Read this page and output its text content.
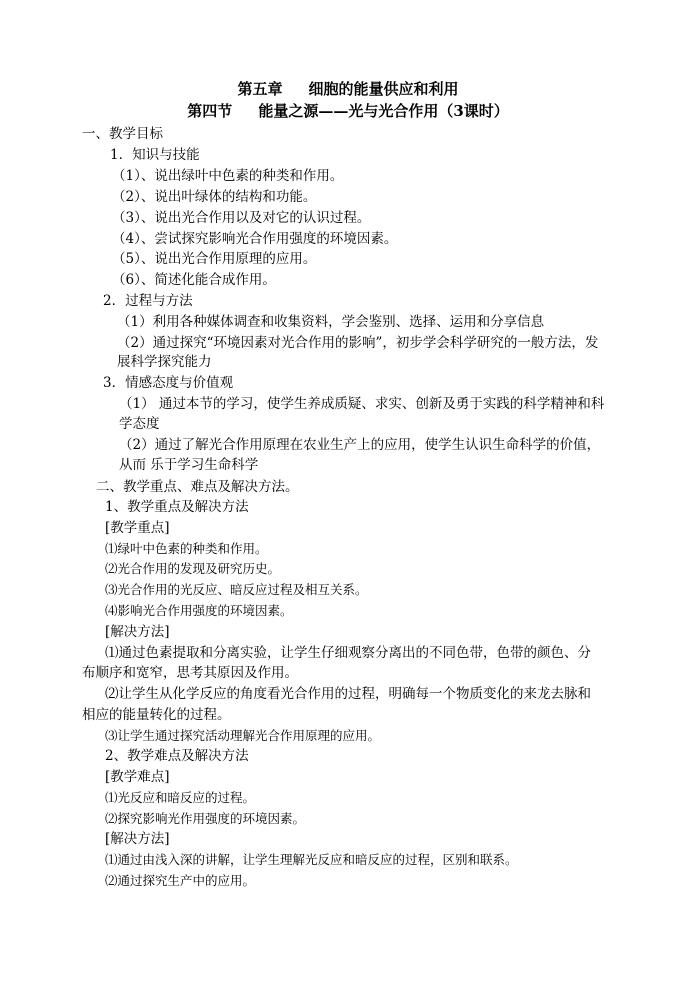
第五章     细胞的能量供应和利用
第四节     能量之源——光与光合作用（3课时）
一、教学目标
1．知识与技能
（1）、说出绿叶中色素的种类和作用。
（2）、说出叶绿体的结构和功能。
（3）、说出光合作用以及对它的认识过程。
（4）、尝试探究影响光合作用强度的环境因素。
（5）、说出光合作用原理的应用。
（6）、简述化能合成作用。
2．过程与方法
（1）利用各种媒体调查和收集资料，学会鉴别、选择、运用和分享信息
（2）通过探究“环境因素对光合作用的影响”，初步学会科学研究的一般方法，发
展科学探究能力
3．情感态度与价值观
（1） 通过本节的学习，使学生养成质疑、求实、创新及勇于实践的科学精神和科
学态度
（2）通过了解光合作用原理在农业生产上的应用，使学生认识生命科学的价值，
从而 乐于学习生命科学
二、教学重点、难点及解决方法。
1、教学重点及解决方法
[教学重点]
⑴绿叶中色素的种类和作用。
⑵光合作用的发现及研究历史。
⑶光合作用的光反应、暗反应过程及相互关系。
⑷影响光合作用强度的环境因素。
[解决方法]
⑴通过色素提取和分离实验，让学生仔细观察分离出的不同色带，色带的颜色、分
布顺序和宽窄，思考其原因及作用。
⑵让学生从化学反应的角度看光合作用的过程，明确每一个物质变化的来龙去脉和
相应的能量转化的过程。
⑶让学生通过探究活动理解光合作用原理的应用。
2、教学难点及解决方法
[教学难点]
⑴光反应和暗反应的过程。
⑵探究影响光作用强度的环境因素。
[解决方法]
⑴通过由浅入深的讲解，让学生理解光反应和暗反应的过程，区别和联系。
⑵通过探究生产中的应用。
